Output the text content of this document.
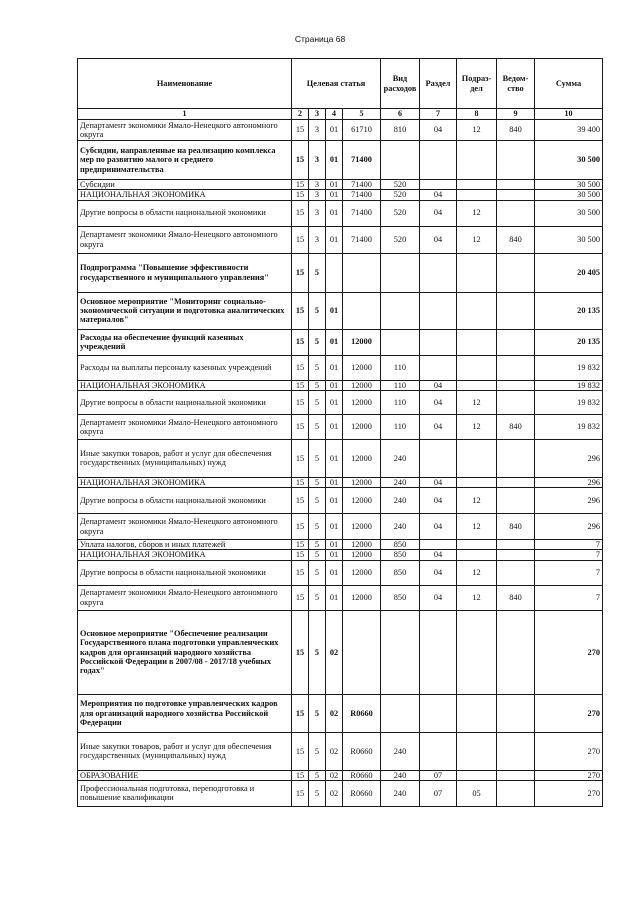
Страница 68
Наименование	Целевая статья				Вид расходов	Раздел	Подраз-дел	Ведом-ство	Сумма
1	2	3	4	5	6	7	8	9	10
Департамент экономики Ямало-Ненецкого автономного округа	15	3	01	61710	810	04	12	840	39 400
Субсидии, направленные на реализацию комплекса мер по развитию малого и среднего предпринимательства	15	3	01	71400					30 500
Субсидии	15	3	01	71400	520				30 500
НАЦИОНАЛЬНАЯ ЭКОНОМИКА	15	3	01	71400	520	04			30 500
Другие вопросы в области национальной экономики	15	3	01	71400	520	04	12		30 500
Департамент экономики Ямало-Ненецкого автономного округа	15	3	01	71400	520	04	12	840	30 500
Подпрограмма "Повышение эффективности государственного и муниципального управления"	15	5							20 405
Основное мероприятие "Мониторинг социально-экономической ситуации и подготовка аналитических материалов"	15	5	01						20 135
Расходы на обеспечение функций казенных учреждений	15	5	01	12000					20 135
Расходы на выплаты персоналу казенных учреждений	15	5	01	12000	110				19 832
НАЦИОНАЛЬНАЯ ЭКОНОМИКА	15	5	01	12000	110	04			19 832
Другие вопросы в области национальной экономики	15	5	01	12000	110	04	12		19 832
Департамент экономики Ямало-Ненецкого автономного округа	15	5	01	12000	110	04	12	840	19 832
Иные закупки товаров, работ и услуг для обеспечения государственных (муниципальных) нужд	15	5	01	12000	240				296
НАЦИОНАЛЬНАЯ ЭКОНОМИКА	15	5	01	12000	240	04			296
Другие вопросы в области национальной экономики	15	5	01	12000	240	04	12		296
Департамент экономики Ямало-Ненецкого автономного округа	15	5	01	12000	240	04	12	840	296
Уплата налогов, сборов и иных платежей	15	5	01	12000	850				7
НАЦИОНАЛЬНАЯ ЭКОНОМИКА	15	5	01	12000	850	04			7
Другие вопросы в области национальной экономики	15	5	01	12000	850	04	12		7
Департамент экономики Ямало-Ненецкого автономного округа	15	5	01	12000	850	04	12	840	7
Основное мероприятие "Обеспечение реализации Государственного плана подготовки управленческих кадров для организаций народного хозяйства Российской Федерации в 2007/08 - 2017/18 учебных годах"	15	5	02						270
Мероприятия по подготовке управленческих кадров для организаций народного хозяйства Российской Федерации	15	5	02	R0660					270
Иные закупки товаров, работ и услуг для обеспечения государственных (муниципальных) нужд	15	5	02	R0660	240				270
ОБРАЗОВАНИЕ	15	5	02	R0660	240	07			270
Профессиональная подготовка, переподготовка и повышение квалификации	15	5	02	R0660	240	07	05		270
